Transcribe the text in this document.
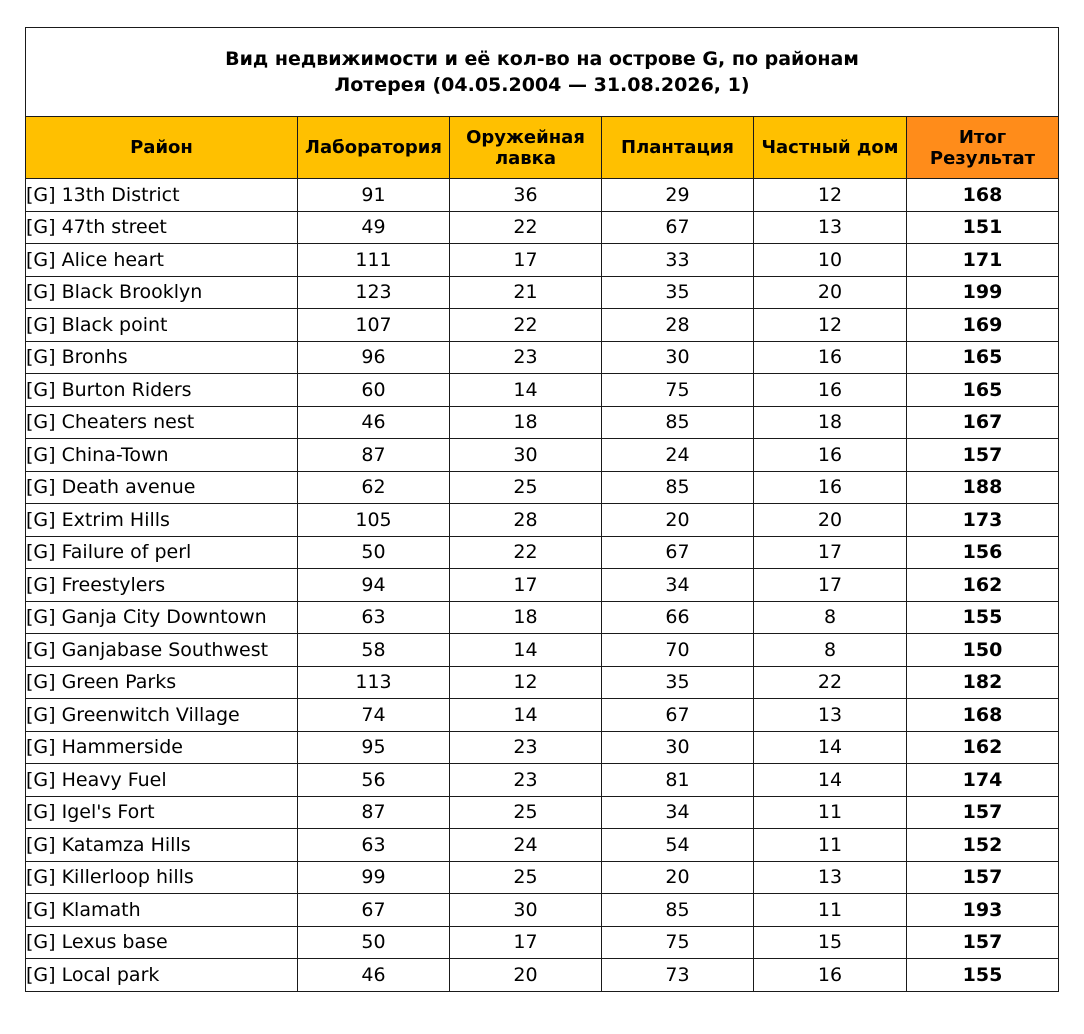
Вид недвижимости и её кол-во на острове G, по районам
Лотерея (04.05.2004 — 31.08.2026, 1)					

Район	Лаборатория	Оружейная лавка	Плантация	Частный дом	Итог
Результат

[G] 13th District	91	36	29	12	168
[G] 47th street	49	22	67	13	151
[G] Alice heart	111	17	33	10	171
[G] Black Brooklyn	123	21	35	20	199
[G] Black point	107	22	28	12	169
[G] Bronhs	96	23	30	16	165
[G] Burton Riders	60	14	75	16	165
[G] Cheaters nest	46	18	85	18	167
[G] China-Town	87	30	24	16	157
[G] Death avenue	62	25	85	16	188
[G] Extrim Hills	105	28	20	20	173
[G] Failure of perl	50	22	67	17	156
[G] Freestylers	94	17	34	17	162
[G] Ganja City Downtown	63	18	66	8	155
[G] Ganjabase Southwest	58	14	70	8	150
[G] Green Parks	113	12	35	22	182
[G] Greenwitch Village	74	14	67	13	168
[G] Hammerside	95	23	30	14	162
[G] Heavy Fuel	56	23	81	14	174
[G] Igel's Fort	87	25	34	11	157
[G] Katamza Hills	63	24	54	11	152
[G] Killerloop hills	99	25	20	13	157
[G] Klamath	67	30	85	11	193
[G] Lexus base	50	17	75	15	157
[G] Local park	46	20	73	16	155
